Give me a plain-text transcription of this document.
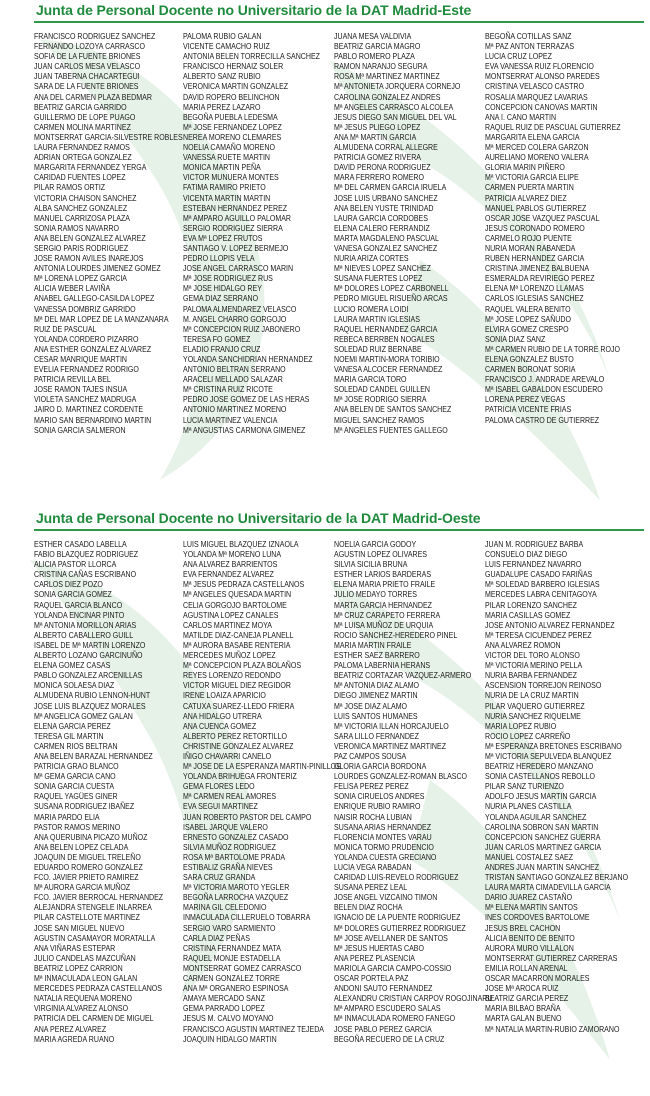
Junta de Personal Docente no Universitario de la DAT Madrid-Este
FRANCISCO RODRIGUEZ SANCHEZ
FERNANDO LOZOYA CARRASCO
SOFIA DE LA FUENTE BRIONES
JUAN CARLOS MESA VELASCO
JUAN TABERNA CHACARTEGUI
SARA DE LA FUENTE BRIONES
ANA DEL CARMEN PLAZA BEDMAR
BEATRIZ GARCIA GARRIDO
GUILLERMO DE LOPE PUAGO
CARMEN MOLINA MARTINEZ
MONTSERRAT GARCIA-SILVESTRE ROBLES
LAURA FERNANDEZ RAMOS
ADRIAN ORTEGA GONZALEZ
MARGARITA FERNANDEZ YERGA
CARIDAD FUENTES LOPEZ
PILAR RAMOS ORTIZ
VICTORIA CHAISON SANCHEZ
ALBA SANCHEZ GONZALEZ
MANUEL CARRIZOSA PLAZA
SONIA RAMOS NAVARRO
ANA BELEN GONZALEZ ALVAREZ
SERGIO PARIS RODRIGUEZ
JOSE RAMON AVILES INAREJOS
ANTONIA LOURDES JIMENEZ GOMEZ
Mª LORENA LOPEZ GARCIA
ALICIA WEBER LAVIÑA
ANABEL GALLEGO-CASILDA LOPEZ
VANESSA DOMBRIZ GARRIDO
Mª DEL MAR LOPEZ DE LA MANZANARA
RUIZ DE PASCUAL
YOLANDA CORDERO PIZARRO
ANA ESTHER GONZALEZ ALVAREZ
CESAR MANRIQUE MARTIN
EVELIA FERNANDEZ RODRIGO
PATRICIA REVILLA BEL
JOSE RAMON TAJES INSUA
VIOLETA SANCHEZ MADRUGA
JAIRO D. MARTINEZ CORDENTE
MARIO SAN BERNARDINO MARTIN
SONIA GARCIA SALMERON
PALOMA RUBIO GALAN
VICENTE CAMACHO RUIZ
ANTONIA BELEN TORRECILLA SANCHEZ
FRANCISCO HERNAIZ SOLER
ALBERTO SANZ RUBIO
VERONICA MARTIN GONZALEZ
DAVID ROPERO BELINCHON
MARIA PEREZ LAZARO
BEGOÑA PUEBLA LEDESMA
Mª JOSE FERNANDEZ LOPEZ
NEREA MORENO CLEMARES
NOELIA CAMAÑO MORENO
VANESSA RUETE MARTIN
MONICA MARTIN PEÑA
VICTOR MUNUERA MONTES
FATIMA RAMIRO PRIETO
VICENTA MARTIN MARTIN
ESTEBAN HERNANDEZ PEREZ
Mª AMPARO AGUILLO PALOMAR
SERGIO RODRIGUEZ SIERRA
EVA Mª LOPEZ FRUTOS
SANTIAGO V. LOPEZ BERMEJO
PEDRO LLOPIS VELA
JOSE ANGEL CARRASCO MARIN
Mª JOSE RODRIGUEZ RUS
Mª JOSE HIDALGO REY
GEMA DIAZ SERRANO
PALOMA ALMENDAREZ VELASCO
M. ANGEL CHARRO GORGOJO
Mª CONCEPCION RUIZ JABONERO
TERESA FO GOMEZ
ELADIO FRANJO CRUZ
YOLANDA SANCHIDRIAN HERNANDEZ
ANTONIO BELTRAN SERRANO
ARACELI MELLADO SALAZAR
Mª CRISTINA RUIZ RICOTE
PEDRO JOSE GOMEZ DE LAS HERAS
ANTONIO MARTINEZ MORENO
LUCIA MARTINEZ VALENCIA
Mª ANGUSTIAS CARMONA GIMENEZ
JUANA MESA VALDIVIA
BEATRIZ GARCIA MAGRO
PABLO ROMERO PLAZA
RAMON NARANJO SEGURA
ROSA Mª MARTINEZ MARTINEZ
Mª ANTONIETA JORQUERA CORNEJO
CAROLINA GONZALEZ ANDRES
Mª ANGELES CARRASCO ALCOLEA
JESUS DIEGO SAN MIGUEL DEL VAL
Mª JESUS PLIEGO LOPEZ
ANA Mª MARTIN GARCIA
ALMUDENA CORRAL ALLEGRE
PATRICIA GOMEZ RIVERA
DAVID PERONA RODRIGUEZ
MARA FERRERO ROMERO
Mª DEL CARMEN GARCIA IRUELA
JOSE LUIS URBANO SANCHEZ
ANA BELEN YUSTE TRINIDAD
LAURA GARCIA CORDOBES
ELENA CALERO FERRANDIZ
MARTA MAGDALENO PASCUAL
VANESA GONZALEZ SANCHEZ
NURIA ARIZA CORTES
Mª NIEVES LOPEZ SANCHEZ
SUSANA FUERTES LOPEZ
Mª DOLORES LOPEZ CARBONELL
PEDRO MIGUEL RISUEÑO ARCAS
LUCIO ROMERA LOIDI
LAURA MARTIN IGLESIAS
RAQUEL HERNANDEZ GARCIA
REBECA BERRBEN NOGALES
SOLEDAD RUIZ BERNABE
NOEMI MARTIN-MORA TORIBIO
VANESA ALCOCER FERNANDEZ
MARIA GARCIA TORO
SOLEDAD CANDEL GUILLEN
Mª JOSE RODRIGO SIERRA
ANA BELEN DE SANTOS SANCHEZ
MIGUEL SANCHEZ RAMOS
Mª ANGELES FUENTES GALLEGO
BEGOÑA COTILLAS SANZ
Mª PAZ ANTON TERRAZAS
LUCIA CRUZ LOPEZ
EVA VANESSA RUIZ FLORENCIO
MONTSERRAT ALONSO PAREDES
CRISTINA VELASCO CASTRO
ROSALIA MARQUEZ LAVARIAS
CONCEPCION CANOVAS MARTIN
ANA I. CANO MARTIN
RAQUEL RUIZ DE PASCUAL GUTIERREZ
MARGARITA ELENA GARCIA
Mª MERCED COLERA GARZON
AURELIANO MORENO VALERA
GLORIA MARIN PIÑERO
Mª VICTORIA GARCIA ELIPE
CARMEN PUERTA MARTIN
PATRICIA ALVAREZ DIEZ
MANUEL PABLOS GUTIERREZ
OSCAR JOSE VAZQUEZ PASCUAL
JESUS CORONADO ROMERO
CARMELO ROJO PUENTE
NURIA MORAN RABANEDA
RUBEN HERNANDEZ GARCIA
CRISTINA JIMENEZ BALBUENA
ESMERALDA REVIRIEGO PEREZ
ELENA Mª LORENZO LLAMAS
CARLOS IGLESIAS SANCHEZ
RAQUEL VALERA BENITO
Mª JOSE LOPEZ SAÑUDO
ELVIRA GOMEZ CRESPO
SONIA DIAZ SANZ
Mª CARMEN RUBIO DE LA TORRE ROJO
ELENA GONZALEZ BUSTO
CARMEN BORONAT SORIA
FRANCISCO J. ANDRADE AREVALO
Mª ISABEL GABALDON ESCUDERO
LORENA PEREZ VEGAS
PATRICIA VICENTE FRIAS
PALOMA CASTRO DE GUTIERREZ
Junta de Personal Docente no Universitario de la DAT Madrid-Oeste
ESTHER CASADO LABELLA
FABIO BLAZQUEZ RODRIGUEZ
ALICIA PASTOR LLORCA
CRISTINA CAÑAS ESCRIBANO
CARLOS DIEZ POZO
SONIA GARCIA GOMEZ
RAQUEL GARCIA BLANCO
YOLANDA ENCINAR PINTO
Mª ANTONIA MORILLON ARIAS
ALBERTO CABALLERO GUILL
ISABEL DE Mª MARTIN LORENZO
ALBERTO LOZANO GARCINUÑO
ELENA GOMEZ CASAS
PABLO GONZALEZ ARCENILLAS
MONICA SOLAESA DIAZ
ALMUDENA RUBIO LENNON-HUNT
JOSE LUIS BLAZQUEZ MORALES
Mª ANGELICA GOMEZ GALAN
ELENA GARCIA PEREZ
TERESA GIL MARTIN
CARMEN RIOS BELTRAN
ANA BELEN BARAZAL HERNANDEZ
PATRICIA GRAO BLANCO
Mª GEMA GARCIA CANO
SONIA GARCIA CUESTA
RAQUEL YAGÜES GINER
SUSANA RODRIGUEZ IBAÑEZ
MARIA PARDO ELIA
PASTOR RAMOS MERINO
ANA QUERUBINA PICAZO MUÑOZ
ANA BELEN LOPEZ CELADA
JOAQUIN DE MIGUEL TRELEÑO
EDUARDO ROMERO GONZALEZ
FCO. JAVIER PRIETO RAMIREZ
Mª AURORA GARCIA MUÑOZ
FCO. JAVIER BERROCAL HERNANDEZ
ALEJANDRA STENGELE INLARREA
PILAR CASTELLOTE MARTINEZ
JOSE SAN MIGUEL NUEVO
AGUSTIN CASAMAYOR MORATALLA
ANA VIÑARAS ESTEPAR
JULIO CANDELAS MAZCUÑAN
BEATRIZ LOPEZ CARRION
Mª INMACULADA LEON GALAN
MERCEDES PEDRAZA CASTELLANOS
NATALIA REQUENA MORENO
VIRGINIA ALVAREZ ALONSO
PATRICIA DEL CARMEN DE MIGUEL
ANA PEREZ ALVAREZ
MARIA AGREDA RUANO
LUIS MIGUEL BLAZQUEZ IZNAOLA
YOLANDA Mª MORENO LUNA
ANA ALVAREZ BARRIENTOS
EVA FERNANDEZ ALVAREZ
Mª JESUS PEDRAZA CASTELLANOS
Mª ANGELES QUESADA MARTIN
CELIA GORGOJO BARTOLOME
AGUSTINA LOPEZ CANALES
CARLOS MARTINEZ MOYA
MATILDE DIAZ-CANEJA PLANELL
Mª AURORA BASABE RENTERIA
MERCEDES MUÑOZ LOPEZ
Mª CONCEPCION PLAZA BOLAÑOS
REYES LORENZO REDONDO
VICTOR MIGUEL DIEZ REGIDOR
IRENE LOAIZA APARICIO
CATUXA SUAREZ-LLEDO FRIERA
ANA HIDALGO UTRERA
ANA CUENCA GOMEZ
ALBERTO PEREZ RETORTILLO
CHRISTINE GONZALEZ ALVAREZ
IÑIGO CHAVARRI CANELO
Mª JOSE DE LA ESPERANZA MARTIN-PINILLOS
YOLANDA BRIHUEGA FRONTERIZ
GEMA FLORES LEDO
Mª CARMEN REAL AMORES
EVA SEGUI MARTINEZ
JUAN ROBERTO PASTOR DEL CAMPO
ISABEL JARQUE VALERO
ERNESTO GONZALEZ CASADO
SILVIA MUÑOZ RODRIGUEZ
ROSA Mª BARTOLOME PRADA
ESTIBALIZ GRAÑA NIEVES
SARA CRUZ GRANDA
Mª VICTORIA MAROTO YEGLER
BEGOÑA LARROCHA VAZQUEZ
MARINA GIL CELEDONIO
INMACULADA CILLERUELO TOBARRA
SERGIO VARO SARMIENTO
CARLA DIAZ PEÑAS
CRISTINA FERNANDEZ MATA
RAQUEL MONJE ESTADELLA
MONTSERRAT GOMEZ CARRASCO
CARMEN GONZALEZ TORRE
ANA Mª ORGANERO ESPINOSA
AMAYA MERCADO SANZ
GEMA PARRADO LOPEZ
JESUS M. CALVO MOYANO
FRANCISCO AGUSTIN MARTINEZ TEJEDA
JOAQUIN HIDALGO MARTIN
NOELIA GARCIA GODOY
AGUSTIN LOPEZ OLIVARES
SILVIA SICILIA BRUNA
ESTHER LARIOS BARDERAS
ELENA MARIA PRIETO FRAILE
JULIO MEDAYO TORRES
MARTA GARCIA HERNANDEZ
Mª CRUZ CARAPETO FERRERA
Mª LUISA MUÑOZ DE URQUIA
ROCIO SANCHEZ-HEREDERO PINEL
MARIA MARTIN FRAILE
ESTHER SAEZ BARRERO
PALOMA LABERNIA HERANS
BEATRIZ CORTAZAR VAZQUEZ-ARMERO
Mª ANTONIA DIAZ ALAMO
DIEGO JIMENEZ MARTIN
Mª JOSE DIAZ ALAMO
LUIS SANTOS HUMANES
Mª VICTORIA ILLAN HORCAJUELO
SARA LILLO FERNANDEZ
VERONICA MARTINEZ MARTINEZ
PAZ CAMPOS SOUSA
GLORIA GARCIA BORDONA
LOURDES GONZALEZ-ROMAN BLASCO
FELISA PEREZ PEREZ
SONIA CIRUELOS ANDRES
ENRIQUE RUBIO RAMIRO
NAISIR ROCHA LUBIAN
SUSANA ARIAS HERNANDEZ
FLORENCIA MONTES VARAU
MONICA TORMO PRUDENCIO
YOLANDA CUESTA GRECIANO
LUCIA VEGA RABADAN
CARIDAD LUIS-REVELO RODRIGUEZ
SUSANA PEREZ LEAL
JOSE ANGEL VIZCAINO TIMON
BELEN DIAZ ROCHA
IGNACIO DE LA PUENTE RODRIGUEZ
Mª DOLORES GUTIERREZ RODRIGUEZ
Mª JOSE AVELLANER DE SANTOS
Mª JESUS HUERTAS CABO
ANA PEREZ PLASENCIA
MARIOLA GARCIA CAMPO-COSSIO
OSCAR PORTELA PAZ
ANDONI SAUTO FERNANDEZ
ALEXANDRU CRISTIAN CARPOV ROGOJINARU
Mª AMPARO ESCUDERO SALAS
Mª INMACULADA ROMERO FANEGO
JOSE PABLO PEREZ GARCIA
BEGOÑA RECUERO DE LA CRUZ
JUAN M. RODRIGUEZ BARBA
CONSUELO DIAZ DIEGO
LUIS FERNANDEZ NAVARRO
GUADALUPE CASADO FARIÑAS
Mª SOLEDAD BARBERO IGLESIAS
MERCEDES LABRA CENITAGOYA
PILAR LORENZO SANCHEZ
MARIA CASILLAS GOMEZ
JOSE ANTONIO ALVAREZ FERNANDEZ
Mª TERESA CICUENDEZ PEREZ
ANA ALVAREZ ROMON
VICTOR DEL TORO ALONSO
Mª VICTORIA MERINO PELLA
NURIA BARBA FERNANDEZ
ASCENSION TORREJON REINOSO
NURIA DE LA CRUZ MARTIN
PILAR VAQUERO GUTIERREZ
NURIA SANCHEZ RIQUELME
MARIA LOPEZ RUBIO
ROCIO LOPEZ CARREÑO
Mª ESPERANZA BRETONES ESCRIBANO
Mª VICTORIA SEPULVEDA BLANQUEZ
BEATRIZ HEREDERO MANZANO
SONIA CASTELLANOS REBOLLO
PILAR SANZ TURIENZO
ADOLFO JESUS MARTIN GARCIA
NURIA PLANES CASTILLA
YOLANDA AGUILAR SANCHEZ
CAROLINA SOBRON SAN MARTIN
CONCEPCION SANCHEZ GUERRA
JUAN CARLOS MARTINEZ GARCIA
MANUEL COSTALEZ SAEZ
ANDRES JUAN MARTIN SANCHEZ
TRISTAN SANTIAGO GONZALEZ BERJANO
LAURA MARTA CIMADEVILLA GARCIA
DARIO JUAREZ CASTAÑO
Mª ELENA MARTIN SANTOS
INES CORDOVES BARTOLOME
JESUS BREL CACHON
ALICIA BENITO DE BENITO
AURORA MURO VILLALON
MONTSERRAT GUTIERREZ CARRERAS
EMILIA ROLLAN ARENAL
OSCAR MACARRON MORALES
JOSE Mª AROCA RUIZ
BEATRIZ GARCIA PEREZ
MARIA BILBAO BRAÑA
MARTA GALAN BUENO
Mª NATALIA MARTIN-RUBIO ZAMORANO
